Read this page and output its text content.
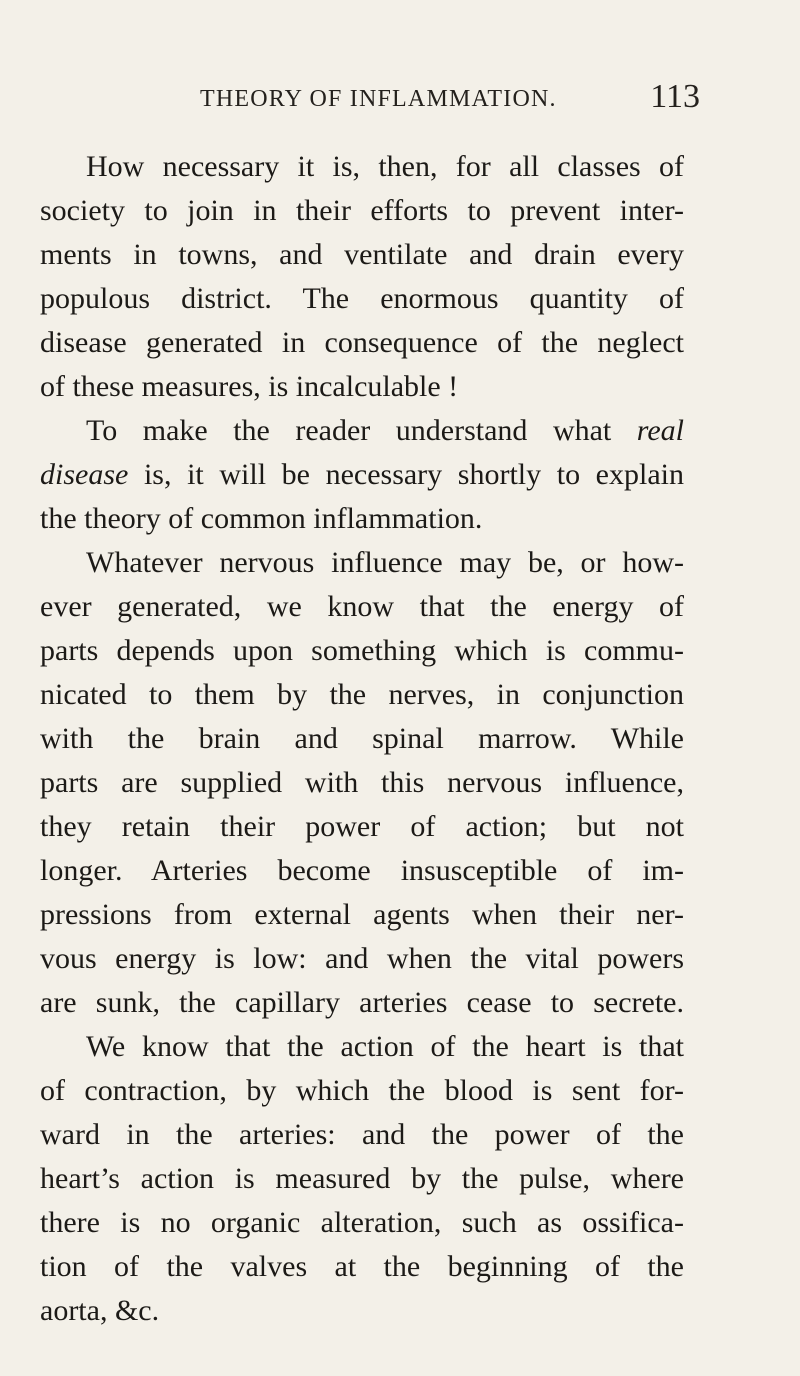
THEORY OF INFLAMMATION.	113
How necessary it is, then, for all classes of
society to join in their efforts to prevent inter-
ments in towns, and ventilate and drain every
populous district. The enormous quantity of
disease generated in consequence of the neglect
of these measures, is incalculable !
To make the reader understand what real
disease is, it will be necessary shortly to explain
the theory of common inflammation.
Whatever nervous influence may be, or how-
ever generated, we know that the energy of
parts depends upon something which is commu-
nicated to them by the nerves, in conjunction
with the brain and spinal marrow. While
parts are supplied with this nervous influence,
they retain their power of action; but not
longer. Arteries become insusceptible of im-
pressions from external agents when their ner-
vous energy is low: and when the vital powers
are sunk, the capillary arteries cease to secrete.
We know that the action of the heart is that
of contraction, by which the blood is sent for-
ward in the arteries: and the power of the
heart’s action is measured by the pulse, where
there is no organic alteration, such as ossifica-
tion of the valves at the beginning of the
aorta, &c.
